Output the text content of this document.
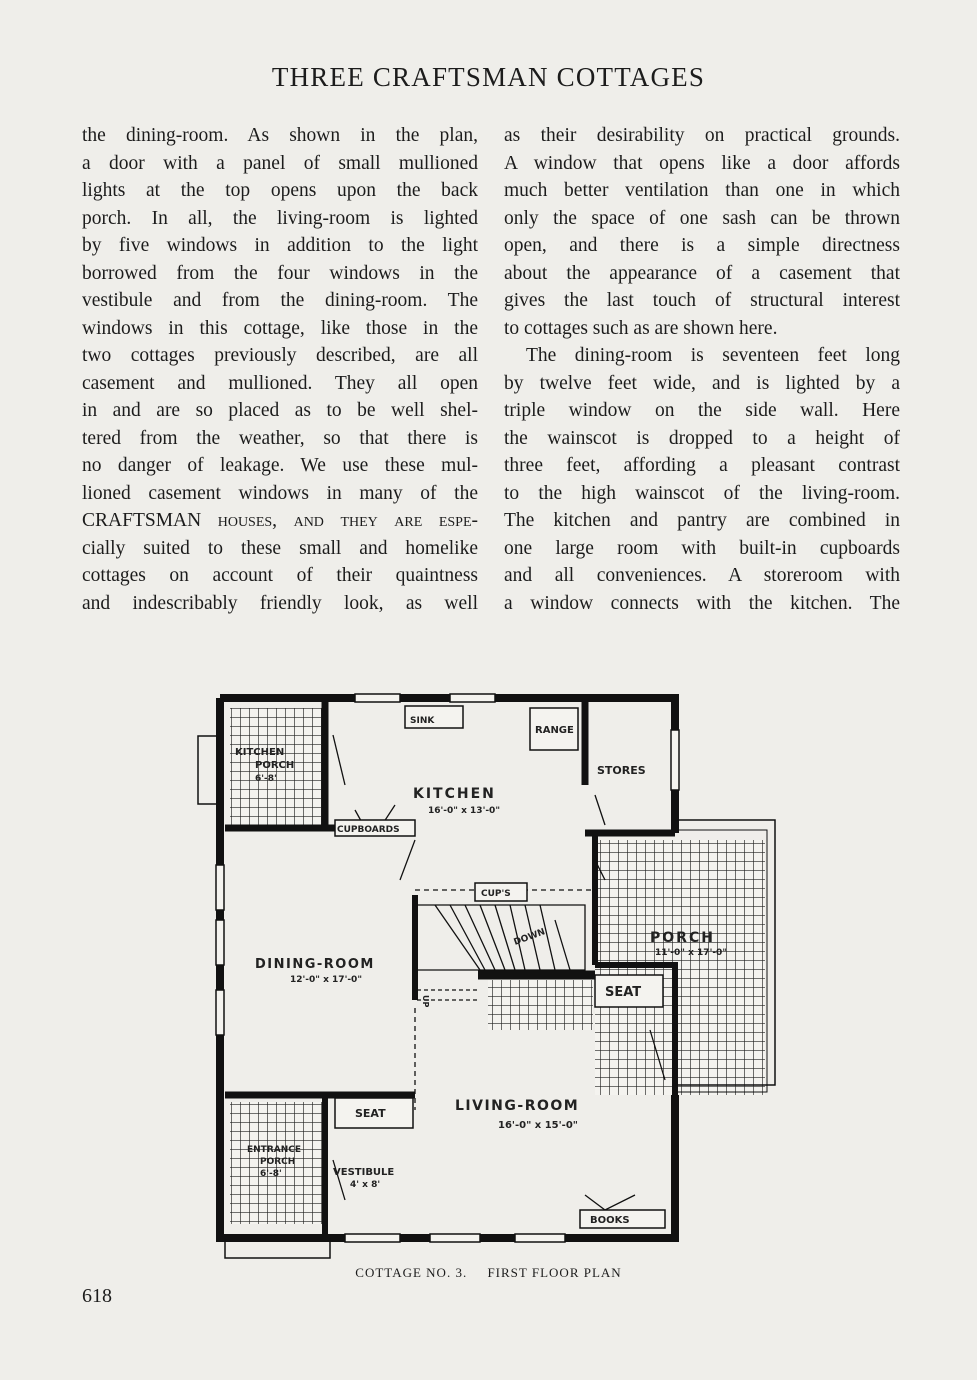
THREE CRAFTSMAN COTTAGES
the dining-room. As shown in the plan,
a door with a panel of small mullioned
lights at the top opens upon the back
porch. In all, the living-room is lighted
by five windows in addition to the light
borrowed from the four windows in the
vestibule and from the dining-room. The
windows in this cottage, like those in the
two cottages previously described, are all
casement and mullioned. They all open
in and are so placed as to be well shel-
tered from the weather, so that there is
no danger of leakage. We use these mul-
lioned casement windows in many of the
CRAFTSMAN houses, and they are espe-
cially suited to these small and homelike
cottages on account of their quaintness
and indescribably friendly look, as well
as their desirability on practical grounds.
A window that opens like a door affords
much better ventilation than one in which
only the space of one sash can be thrown
open, and there is a simple directness
about the appearance of a casement that
gives the last touch of structural interest
to cottages such as are shown here.
The dining-room is seventeen feet long
by twelve feet wide, and is lighted by a
triple window on the side wall. Here
the wainscot is dropped to a height of
three feet, affording a pleasant contrast
to the high wainscot of the living-room.
The kitchen and pantry are combined in
one large room with built-in cupboards
and all conveniences. A storeroom with
a window connects with the kitchen. The
SINK
RANGE
KITCHEN
PORCH
6'-8'
KITCHEN
16'-0" x 13'-0"
STORES
CUPBOARDS
CUP'S
DOWN
DINING-ROOM
12'-0" x 17'-0"
PORCH
11'-0" x 17'-0"
SEAT
UP
SEAT	LIVING-ROOM
16'-0" x 15'-0"
ENTRANCE
PORCH
6'-8'	VESTIBULE
4' x 8'
BOOKS
COTTAGE NO. 3. FIRST FLOOR PLAN
618
